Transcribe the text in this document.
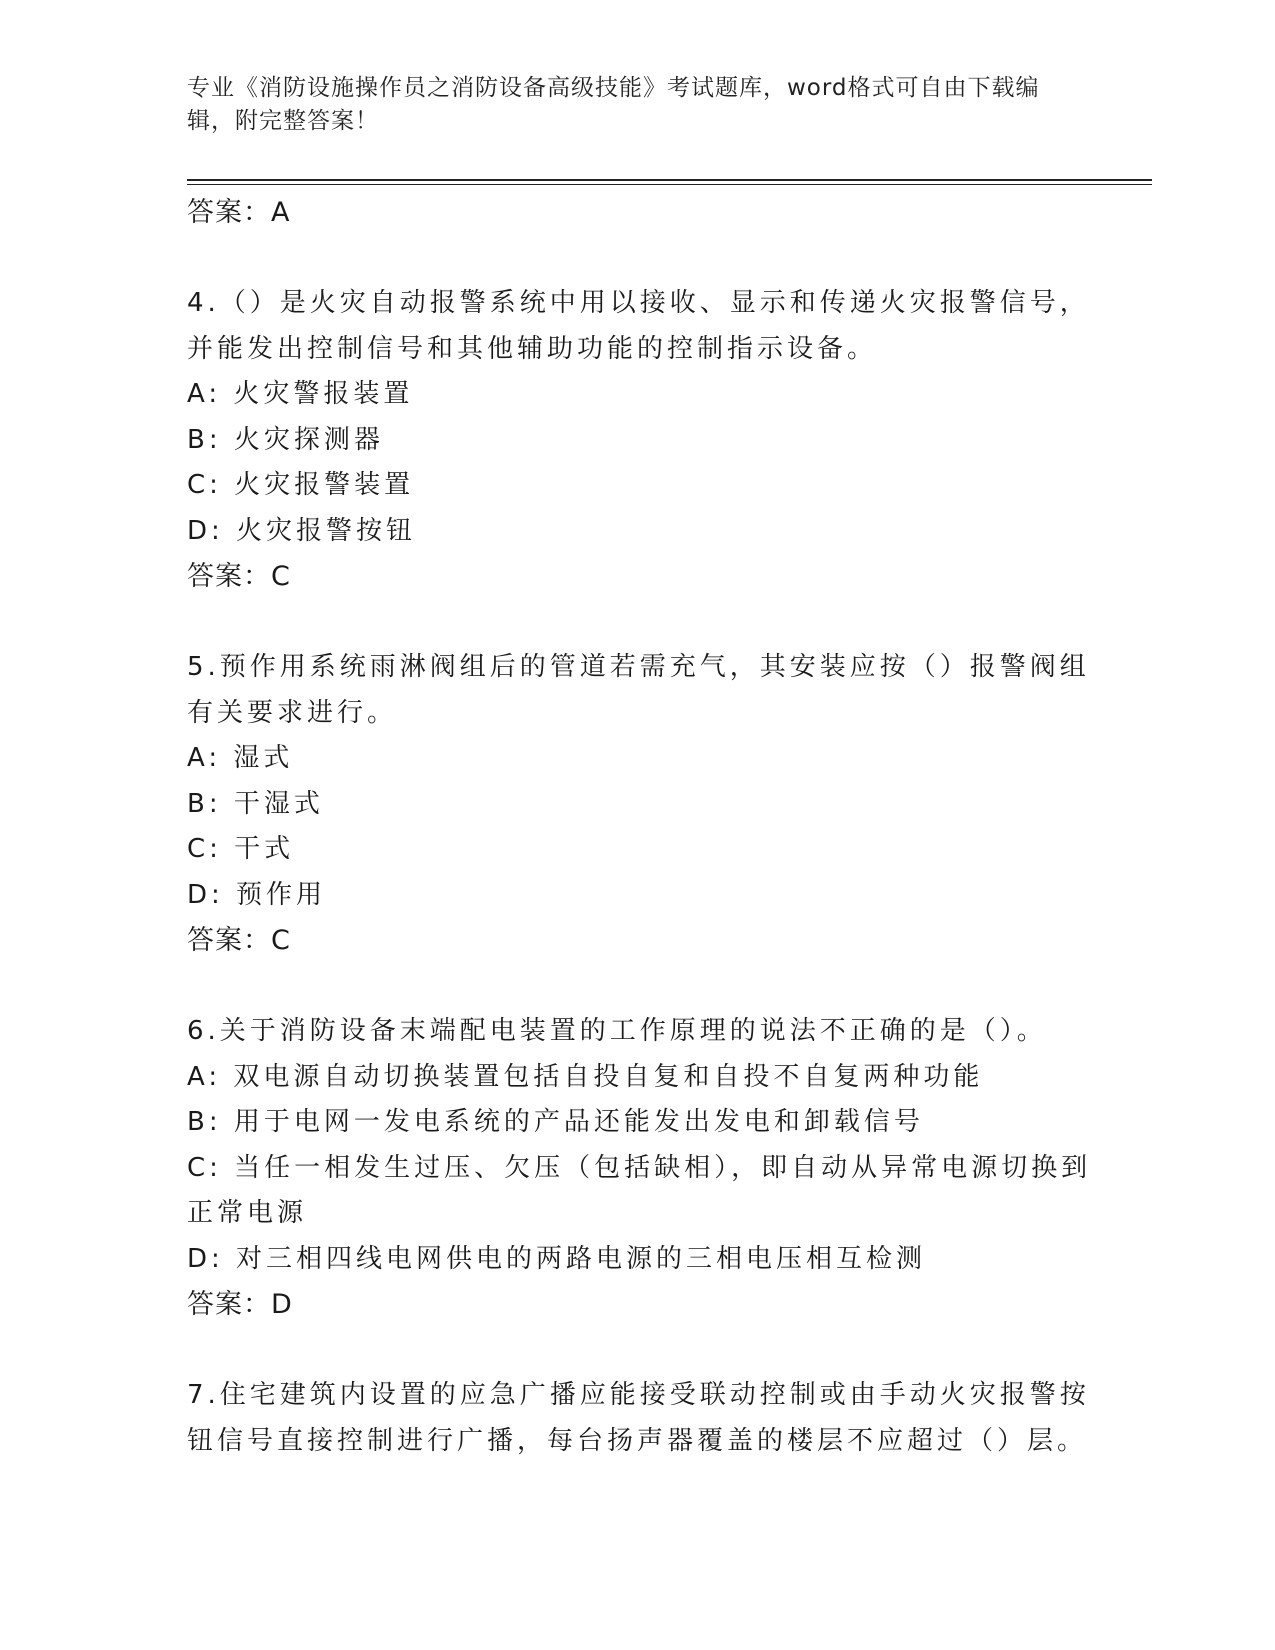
专业《消防设施操作员之消防设备高级技能》考试题库，word格式可自由下载编辑，附完整答案！
答案：A
4.（）是火灾自动报警系统中用以接收、显示和传递火灾报警信号，
并能发出控制信号和其他辅助功能的控制指示设备。
A: 火灾警报装置
B: 火灾探测器
C: 火灾报警装置
D: 火灾报警按钮
答案：C
5.预作用系统雨淋阀组后的管道若需充气，其安装应按（）报警阀组
有关要求进行。
A: 湿式
B: 干湿式
C: 干式
D: 预作用
答案：C
6.关于消防设备末端配电装置的工作原理的说法不正确的是（）。
A: 双电源自动切换装置包括自投自复和自投不自复两种功能
B: 用于电网一发电系统的产品还能发出发电和卸载信号
C: 当任一相发生过压、欠压（包括缺相），即自动从异常电源切换到
正常电源
D: 对三相四线电网供电的两路电源的三相电压相互检测
答案：D
7.住宅建筑内设置的应急广播应能接受联动控制或由手动火灾报警按
钮信号直接控制进行广播，每台扬声器覆盖的楼层不应超过（）层。
